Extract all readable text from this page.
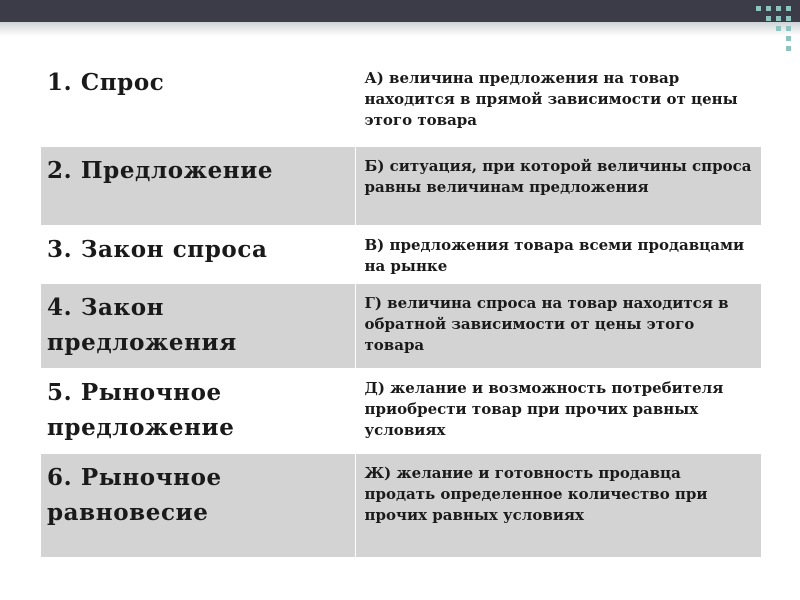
1. Спрос	А) величина предложения на товар находится в прямой зависимости от цены этого товара
2. Предложение	Б) ситуация, при которой величины спроса равны величинам предложения
3. Закон спроса	В) предложения товара всеми продавцами на рынке
4. Закон предложения	Г) величина спроса на товар находится в обратной зависимости от цены этого товара
5. Рыночное предложение	Д) желание и возможность потребителя приобрести товар при прочих равных условиях
6. Рыночное равновесие	Ж) желание и готовность продавца продать определенное количество при прочих равных условиях
